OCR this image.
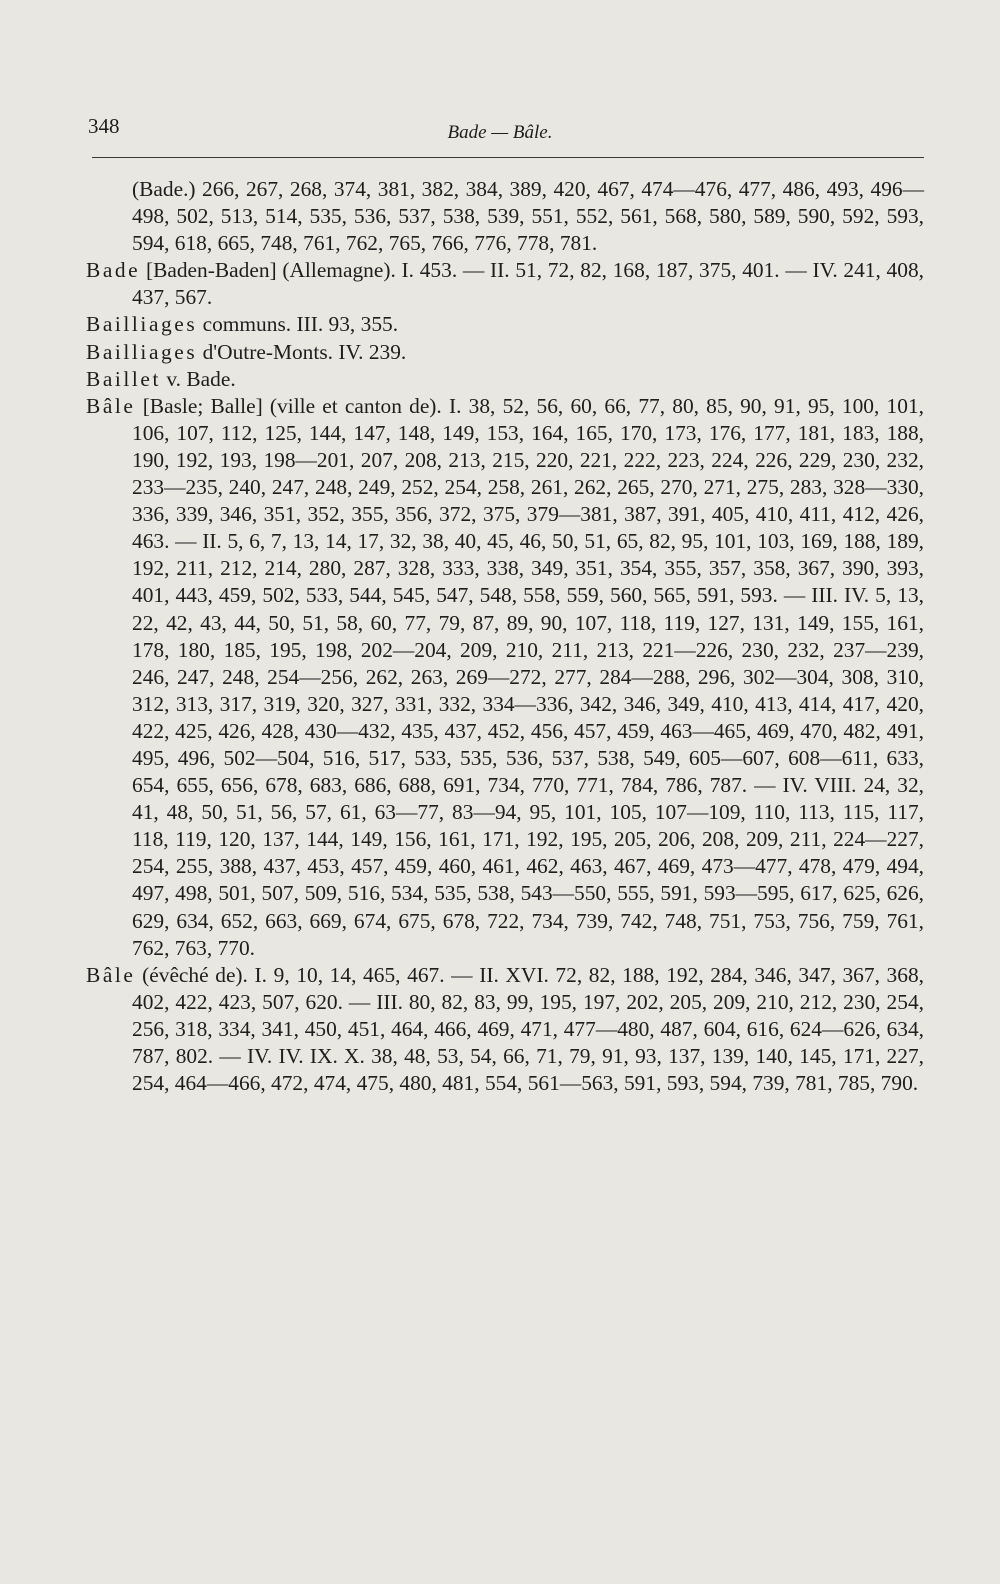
348	Bade — Bâle.

(Bade.) 266, 267, 268, 374, 381, 382, 384, 389, 420, 467, 474—476, 477, 486, 493, 496—498, 502, 513, 514, 535, 536, 537, 538, 539, 551, 552, 561, 568, 580, 589, 590, 592, 593, 594, 618, 665, 748, 761, 762, 765, 766, 776, 778, 781.

Bade [Baden-Baden] (Allemagne). I. 453. — II. 51, 72, 82, 168, 187, 375, 401. — IV. 241, 408, 437, 567.

Bailliages communs. III. 93, 355.

Bailliages d'Outre-Monts. IV. 239.

Baillet v. Bade.

Bâle [Basle; Balle] (ville et canton de). I. 38, 52, 56, 60, 66, 77, 80, 85, 90, 91, 95, 100, 101, 106, 107, 112, 125, 144, 147, 148, 149, 153, 164, 165, 170, 173, 176, 177, 181, 183, 188, 190, 192, 193, 198—201, 207, 208, 213, 215, 220, 221, 222, 223, 224, 226, 229, 230, 232, 233—235, 240, 247, 248, 249, 252, 254, 258, 261, 262, 265, 270, 271, 275, 283, 328—330, 336, 339, 346, 351, 352, 355, 356, 372, 375, 379—381, 387, 391, 405, 410, 411, 412, 426, 463. — II. 5, 6, 7, 13, 14, 17, 32, 38, 40, 45, 46, 50, 51, 65, 82, 95, 101, 103, 169, 188, 189, 192, 211, 212, 214, 280, 287, 328, 333, 338, 349, 351, 354, 355, 357, 358, 367, 390, 393, 401, 443, 459, 502, 533, 544, 545, 547, 548, 558, 559, 560, 565, 591, 593. — III. IV. 5, 13, 22, 42, 43, 44, 50, 51, 58, 60, 77, 79, 87, 89, 90, 107, 118, 119, 127, 131, 149, 155, 161, 178, 180, 185, 195, 198, 202—204, 209, 210, 211, 213, 221—226, 230, 232, 237—239, 246, 247, 248, 254—256, 262, 263, 269—272, 277, 284—288, 296, 302—304, 308, 310, 312, 313, 317, 319, 320, 327, 331, 332, 334—336, 342, 346, 349, 410, 413, 414, 417, 420, 422, 425, 426, 428, 430—432, 435, 437, 452, 456, 457, 459, 463—465, 469, 470, 482, 491, 495, 496, 502—504, 516, 517, 533, 535, 536, 537, 538, 549, 605—607, 608—611, 633, 654, 655, 656, 678, 683, 686, 688, 691, 734, 770, 771, 784, 786, 787. — IV. VIII. 24, 32, 41, 48, 50, 51, 56, 57, 61, 63—77, 83—94, 95, 101, 105, 107—109, 110, 113, 115, 117, 118, 119, 120, 137, 144, 149, 156, 161, 171, 192, 195, 205, 206, 208, 209, 211, 224—227, 254, 255, 388, 437, 453, 457, 459, 460, 461, 462, 463, 467, 469, 473—477, 478, 479, 494, 497, 498, 501, 507, 509, 516, 534, 535, 538, 543—550, 555, 591, 593—595, 617, 625, 626, 629, 634, 652, 663, 669, 674, 675, 678, 722, 734, 739, 742, 748, 751, 753, 756, 759, 761, 762, 763, 770.

Bâle (évêché de). I. 9, 10, 14, 465, 467. — II. XVI. 72, 82, 188, 192, 284, 346, 347, 367, 368, 402, 422, 423, 507, 620. — III. 80, 82, 83, 99, 195, 197, 202, 205, 209, 210, 212, 230, 254, 256, 318, 334, 341, 450, 451, 464, 466, 469, 471, 477—480, 487, 604, 616, 624—626, 634, 787, 802. — IV. IV. IX. X. 38, 48, 53, 54, 66, 71, 79, 91, 93, 137, 139, 140, 145, 171, 227, 254, 464—466, 472, 474, 475, 480, 481, 554, 561—563, 591, 593, 594, 739, 781, 785, 790.
